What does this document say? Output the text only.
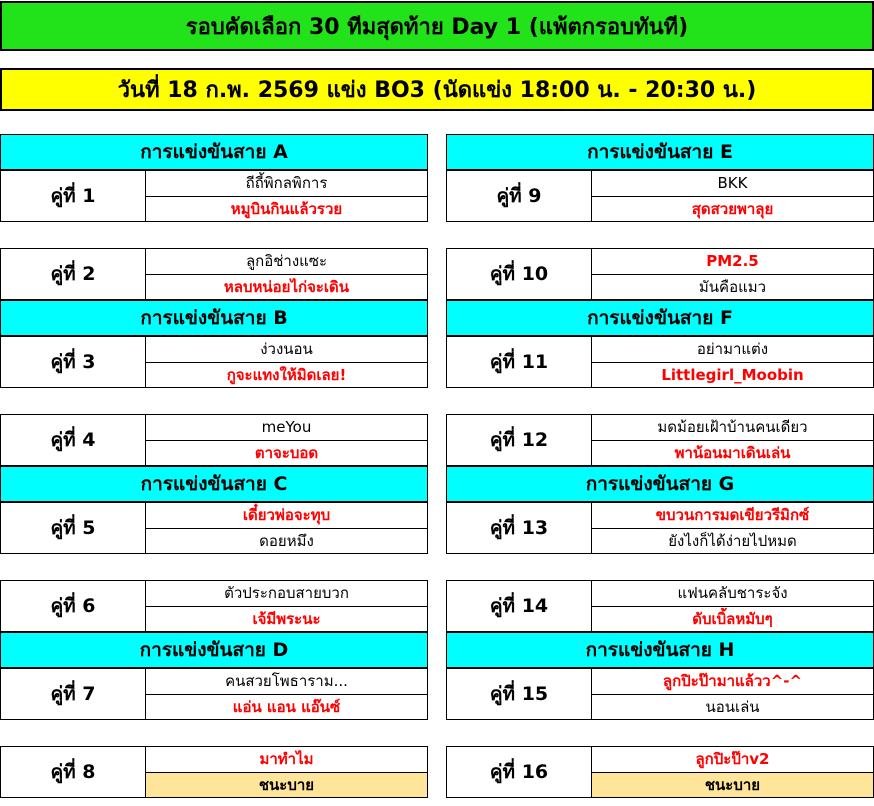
รอบคัดเลือก 30 ทีมสุดท้าย Day 1 (แพ้ตกรอบทันที)
วันที่ 18 ก.พ. 2569 แข่ง BO3 (นัดแข่ง 18:00 น. - 20:30 น.)
การแข่งขันสาย A
คู่ที่ 1
ถีถี้พิกลพิการ
หมูบินกินแล้วรวย
คู่ที่ 2
ลูกอิช่างแซะ
หลบหน่อยไก่จะเดิน
การแข่งขันสาย B
คู่ที่ 3
ง่วงนอน
กูจะแทงให้มิดเลย!
คู่ที่ 4
meYou
ตาจะบอด
การแข่งขันสาย C
คู่ที่ 5
เดี๋ยวพ่อจะทุบ
ดอยหมึง
คู่ที่ 6
ตัวประกอบสายบวก
เจ้มีพระนะ
การแข่งขันสาย D
คู่ที่ 7
คนสวยโพธาราม...
แอ่น แอน แอ๊นซ์
คู่ที่ 8
มาทำไม
ชนะบาย
การแข่งขันสาย E
คู่ที่ 9
BKK
สุดสวยพาลุย
คู่ที่ 10
PM2.5
มันคือแมว
การแข่งขันสาย F
คู่ที่ 11
อย่ามาแต่ง
Littlegirl_Moobin
คู่ที่ 12
มดม้อยเฝ้าบ้านคนเดียว
พาน้อนมาเดินเล่น
การแข่งขันสาย G
คู่ที่ 13
ขบวนการมดเขียวรีมิกซ์
ยังไงก็ได้ง่ายไปหมด
คู่ที่ 14
แฟนคลับชาระจัง
ดับเบิ้ลหมับๆ
การแข่งขันสาย H
คู่ที่ 15
ลูกปิะป๊ามาแล้วว^-^
นอนเล่น
คู่ที่ 16
ลูกปิะป๊าv2
ชนะบาย
